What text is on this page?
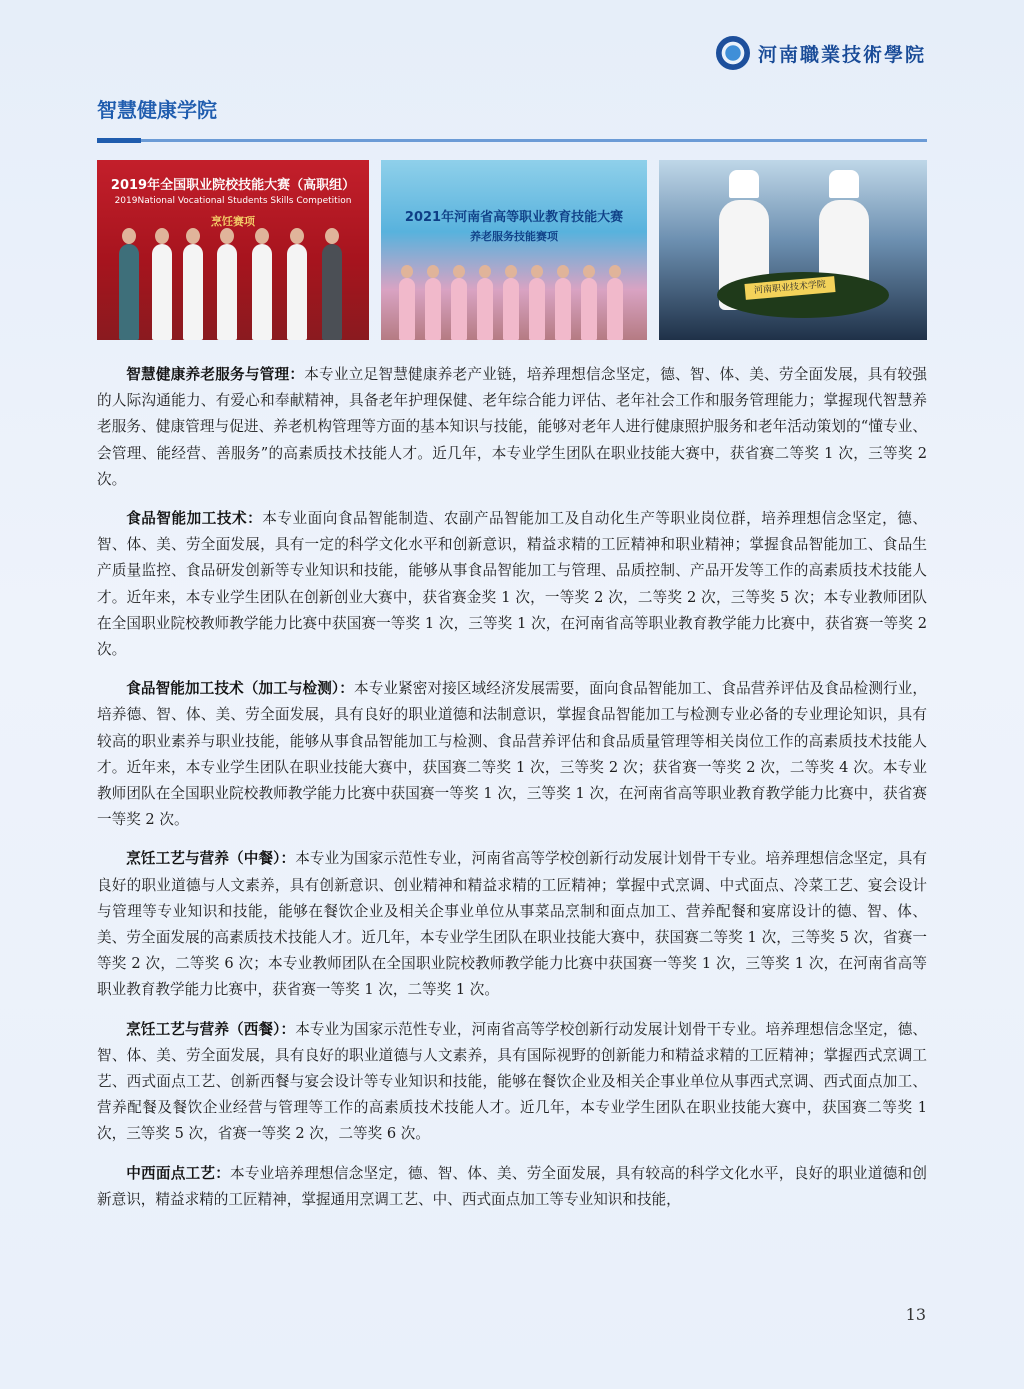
河南職業技術學院
智慧健康学院
2019年全国职业院校技能大赛（高职组）
2019National Vocational Students Skills Competition
烹饪赛项	2021年河南省高等职业教育技能大赛
养老服务技能赛项
河南职业技术学院

智慧健康养老服务与管理：本专业立足智慧健康养老产业链，培养理想信念坚定，德、智、体、美、劳全面发展，具有较强的人际沟通能力、有爱心和奉献精神，具备老年护理保健、老年综合能力评估、老年社会工作和服务管理能力；掌握现代智慧养老服务、健康管理与促进、养老机构管理等方面的基本知识与技能，能够对老年人进行健康照护服务和老年活动策划的“懂专业、会管理、能经营、善服务”的高素质技术技能人才。近几年，本专业学生团队在职业技能大赛中，获省赛二等奖 1 次，三等奖 2 次。

食品智能加工技术：本专业面向食品智能制造、农副产品智能加工及自动化生产等职业岗位群，培养理想信念坚定，德、智、体、美、劳全面发展，具有一定的科学文化水平和创新意识，精益求精的工匠精神和职业精神；掌握食品智能加工、食品生产质量监控、食品研发创新等专业知识和技能，能够从事食品智能加工与管理、品质控制、产品开发等工作的高素质技术技能人才。近年来，本专业学生团队在创新创业大赛中，获省赛金奖 1 次，一等奖 2 次，二等奖 2 次，三等奖 5 次；本专业教师团队在全国职业院校教师教学能力比赛中获国赛一等奖 1 次，三等奖 1 次，在河南省高等职业教育教学能力比赛中，获省赛一等奖 2 次。

食品智能加工技术（加工与检测）：本专业紧密对接区域经济发展需要，面向食品智能加工、食品营养评估及食品检测行业，培养德、智、体、美、劳全面发展，具有良好的职业道德和法制意识，掌握食品智能加工与检测专业必备的专业理论知识，具有较高的职业素养与职业技能，能够从事食品智能加工与检测、食品营养评估和食品质量管理等相关岗位工作的高素质技术技能人才。近年来，本专业学生团队在职业技能大赛中，获国赛二等奖 1 次，三等奖 2 次；获省赛一等奖 2 次，二等奖 4 次。本专业教师团队在全国职业院校教师教学能力比赛中获国赛一等奖 1 次，三等奖 1 次，在河南省高等职业教育教学能力比赛中，获省赛一等奖 2 次。

烹饪工艺与营养（中餐）：本专业为国家示范性专业，河南省高等学校创新行动发展计划骨干专业。培养理想信念坚定，具有良好的职业道德与人文素养，具有创新意识、创业精神和精益求精的工匠精神；掌握中式烹调、中式面点、冷菜工艺、宴会设计与管理等专业知识和技能，能够在餐饮企业及相关企事业单位从事菜品烹制和面点加工、营养配餐和宴席设计的德、智、体、美、劳全面发展的高素质技术技能人才。近几年，本专业学生团队在职业技能大赛中，获国赛二等奖 1 次，三等奖 5 次，省赛一等奖 2 次，二等奖 6 次；本专业教师团队在全国职业院校教师教学能力比赛中获国赛一等奖 1 次，三等奖 1 次，在河南省高等职业教育教学能力比赛中，获省赛一等奖 1 次，二等奖 1 次。

烹饪工艺与营养（西餐）：本专业为国家示范性专业，河南省高等学校创新行动发展计划骨干专业。培养理想信念坚定，德、智、体、美、劳全面发展，具有良好的职业道德与人文素养，具有国际视野的创新能力和精益求精的工匠精神；掌握西式烹调工艺、西式面点工艺、创新西餐与宴会设计等专业知识和技能，能够在餐饮企业及相关企事业单位从事西式烹调、西式面点加工、营养配餐及餐饮企业经营与管理等工作的高素质技术技能人才。近几年，本专业学生团队在职业技能大赛中，获国赛二等奖 1 次，三等奖 5 次，省赛一等奖 2 次，二等奖 6 次。

中西面点工艺：本专业培养理想信念坚定，德、智、体、美、劳全面发展，具有较高的科学文化水平，良好的职业道德和创新意识，精益求精的工匠精神，掌握通用烹调工艺、中、西式面点加工等专业知识和技能，

13
